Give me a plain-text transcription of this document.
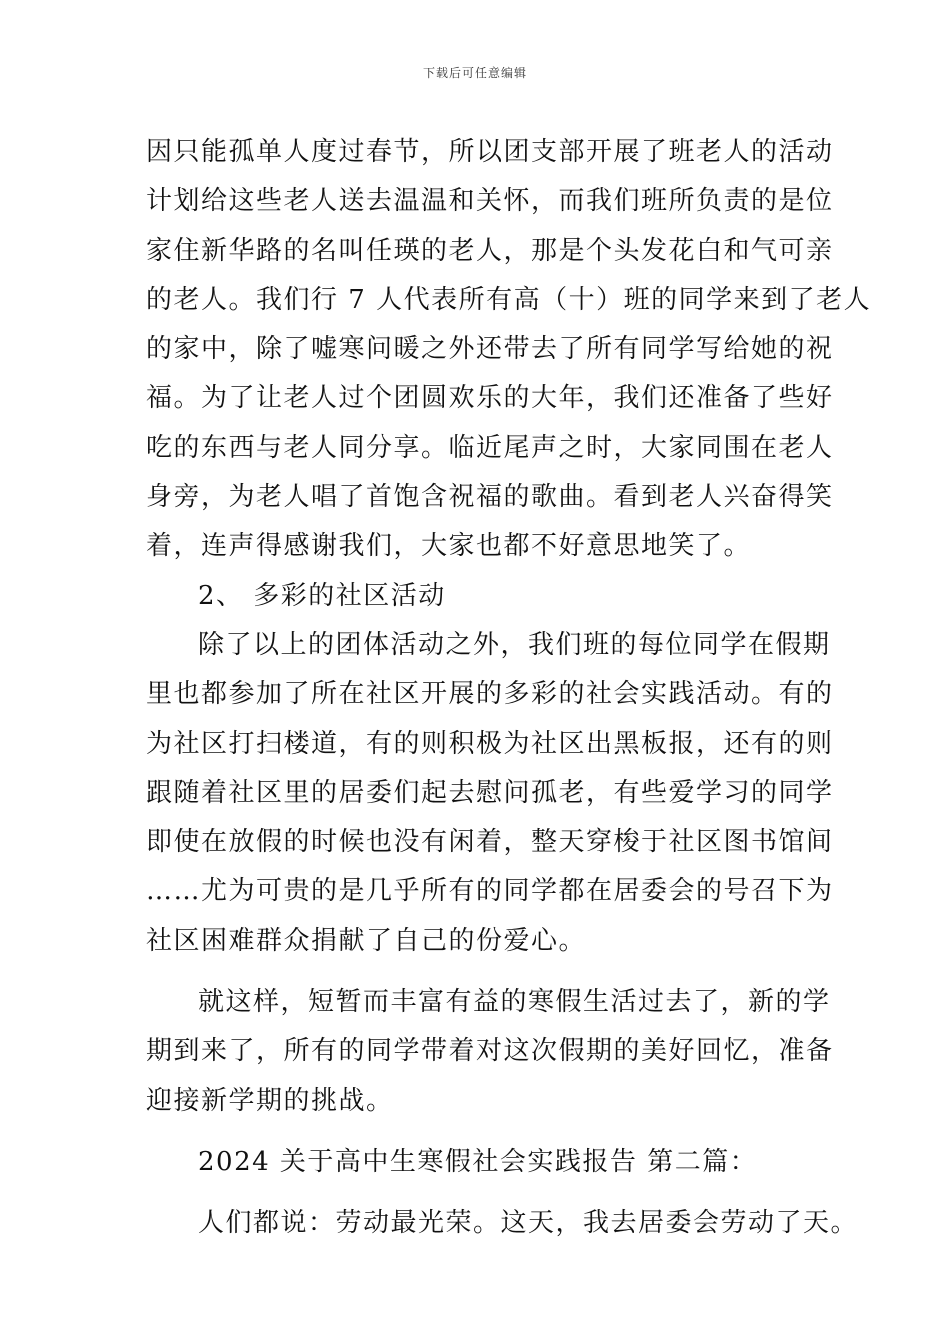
下载后可任意编辑
因只能孤单人度过春节，所以团支部开展了班老人的活动
计划给这些老人送去温温和关怀，而我们班所负责的是位
家住新华路的名叫任瑛的老人，那是个头发花白和气可亲
的老人。我们行 7 人代表所有高（十）班的同学来到了老人
的家中，除了嘘寒问暖之外还带去了所有同学写给她的祝
福。为了让老人过个团圆欢乐的大年，我们还准备了些好
吃的东西与老人同分享。临近尾声之时，大家同围在老人
身旁，为老人唱了首饱含祝福的歌曲。看到老人兴奋得笑
着，连声得感谢我们，大家也都不好意思地笑了。
2、 多彩的社区活动
除了以上的团体活动之外，我们班的每位同学在假期
里也都参加了所在社区开展的多彩的社会实践活动。有的
为社区打扫楼道，有的则积极为社区出黑板报，还有的则
跟随着社区里的居委们起去慰问孤老，有些爱学习的同学
即使在放假的时候也没有闲着，整天穿梭于社区图书馆间
……尤为可贵的是几乎所有的同学都在居委会的号召下为
社区困难群众捐献了自己的份爱心。
就这样，短暂而丰富有益的寒假生活过去了，新的学
期到来了，所有的同学带着对这次假期的美好回忆，准备
迎接新学期的挑战。
2024 关于高中生寒假社会实践报告 第二篇：
人们都说：劳动最光荣。这天，我去居委会劳动了天。
